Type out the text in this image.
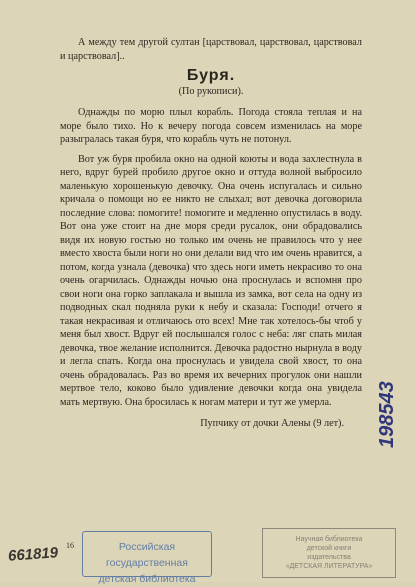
А между тем другой султан [царствовал, царствовал, царствовал и царствовал]..

Буря.
(По рукописи).

Однажды по морю плыл корабль. Погода стояла теплая и на море было тихо. Но к вечеру погода совсем изменилась на море разыгралась такая буря, что корабль чуть не потонул.

Вот уж буря пробила окно на одной коюты и вода захлестнула в него, вдруг бурей пробило другое окно и оттуда волной выбросило маленькую хорошенькую девочку. Она очень испугалась и сильно кричала о помощи но ее никто не слыхал; вот девочка договорила последние слова: помогите! помогите и медленно опустилась в воду. Вот она уже стоит на дне моря среди русалок, они обрадовались видя их новую гостью но только им очень не правилось что у нее вместо хвоста были ноги но они делали вид что им очень нравится, а потом, когда узнала (девочка) что здесь ноги иметь некрасиво то она очень огарчилась. Однажды ночью она проснулась и вспомня про свои ноги она горко заплакала и вышла из замка, вот села на одну из подводных скал подняла руки к небу и сказала: Господи! отчего я такая некрасивая и отличаюсь ото всех! Мне так хотелось-бы чтоб у меня был хвост. Вдруг ей послышался голос с неба: ляг спать милая девочка, твое желание исполнится. Девочка радостно нырнула в воду и легла спать. Когда она проснулась и увидела свой хвост, то она очень обрадовалась. Раз во время их вечерних прогулок они нашли мертвое тело, коково было удивление девочки когда она увидела мать мертвую. Она бросилась к ногам матери и тут же умерла.

Пупчику от дочки Алены (9 лет).
661819 16	Российская государственная
детская библиотека
Научная библиотека
детской книги
издательства
«ДЕТСКАЯ ЛИТЕРАТУРА»
198543
